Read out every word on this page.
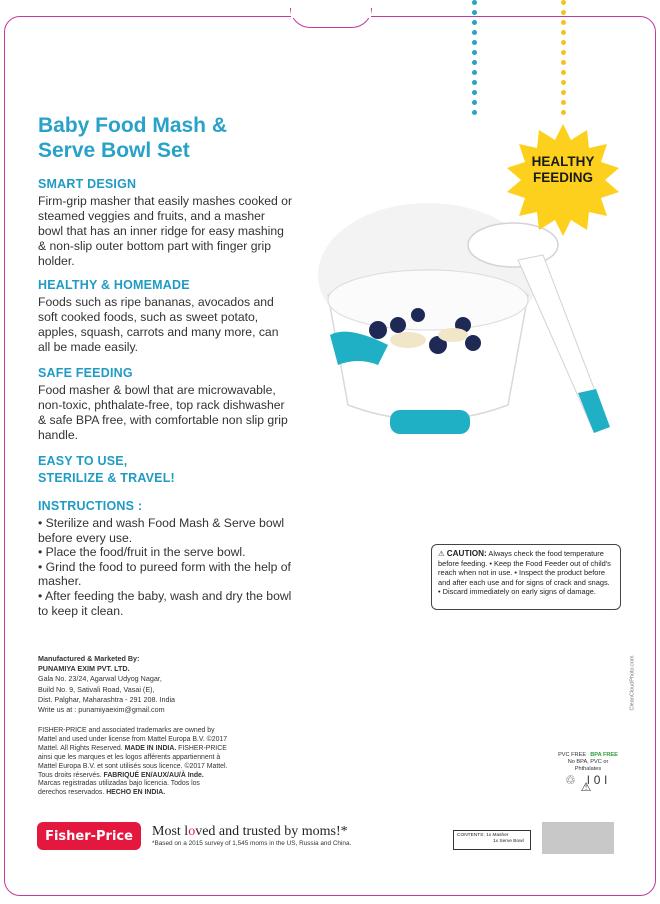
Baby Food Mash & Serve Bowl Set
SMART DESIGN

Firm-grip masher that easily mashes cooked or steamed veggies and fruits, and a masher bowl that has an inner ridge for easy mashing & non-slip outer bottom part with finger grip holder.

HEALTHY & HOMEMADE

Foods such as ripe bananas, avocados and soft cooked foods, such as sweet potato, apples, squash, carrots and many more, can all be made easily.

SAFE FEEDING

Food masher & bowl that are microwavable, non-toxic, phthalate-free, top rack dishwasher & safe BPA free, with comfortable non slip grip handle.

EASY TO USE,
STERILIZE & TRAVEL!
INSTRUCTIONS :
• Sterilize and wash Food Mash & Serve bowl before every use.
• Place the food/fruit in the serve bowl.
• Grind the food to pureed form with the help of masher.
• After feeding the baby, wash and dry the bowl to keep it clean.
HEALTHY
FEEDING
⚠ CAUTION: Always check the food temperature before feeding. • Keep the Food Feeder out of child's reach when not in use. • Inspect the product before and after each use and for signs of crack and snags. • Discard immediately on early signs of damage.
Manufactured & Marketed By:
PUNAMIYA EXIM PVT. LTD.
Gala No. 23/24, Agarwal Udyog Nagar,
Build No. 9, Sativali Road, Vasai (E),
Dist. Palghar, Maharashtra - 291 208. India
Write us at : punamiyaexim@gmail.com
FISHER-PRICE and associated trademarks are owned by Mattel and used under license from Mattel Europa B.V. ©2017 Mattel. All Rights Reserved. MADE IN INDIA. FISHER-PRICE ainsi que les marques et les logos afférents appartiennent à Mattel Europa B.V. et sont utilisés sous licence. ©2017 Mattel. Tous droits réservés. FABRIQUÉ EN/AUX/AU/À Inde. Marcas registradas utilizadas bajo licencia. Todos los derechos reservados. HECHO EN INDIA.
CleanCloudPhoto.com
PVC FREE BPA FREE
No BPA, PVC or Phthalates
♲ l0l ⚠
Fisher-Price	Most loved and trusted by moms!*
*Based on a 2015 survey of 1,545 moms in the US, Russia and China.
CONTENTS: 1x Masher
1x Serve Bowl
